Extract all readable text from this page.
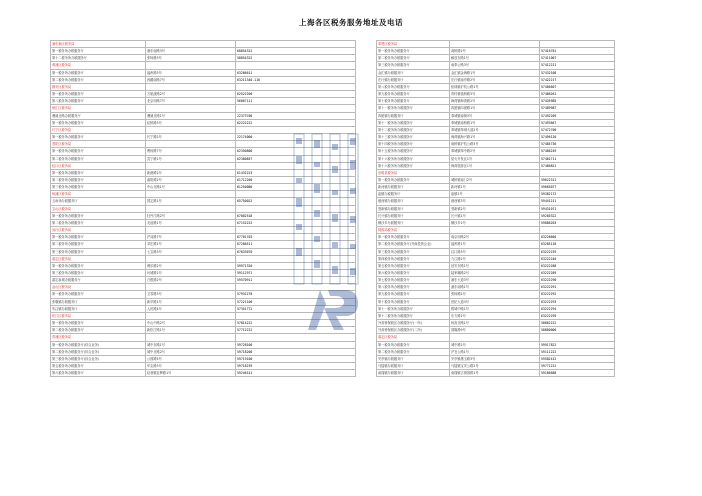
上海各区税务服务地址及电话
浦东新区税务局		
第一税务所办税服务厅	浦东南路3号	68854322
第十二税务所办税服务厅	张杨路3号	58854322
黄浦区税务局		
第一税务所办税服务厅	福州路3号	63286611
第二税务所办税服务厅	西藏南路7号	63211340-116
静安区税务局		
第一税务所办税服务厅	万航渡路2号	62522200
第八税务所办税服务厅	北京西路7号	56867111
徐汇区税务局		
漕溪北路办税服务厅	漕溪北路1号	22373700
第一税务所办税服务厅	虹桥路3号	62222222
长宁区税务局		
第一税务所办税服务厅	长宁路2号	22174000
普陀区税务局		
第一税务所办税服务厅	曹杨路7号	62350800
第二税务所办税服务厅	武宁路1号	62380857
虹口区税务局		
第一税务所办税服务厅	新港路2号	61432223
第二税务所办税服务厅	曲阳路2号	61712200
第三税务所办税服务厅	中山北路1号	61250080
杨浦区税务局		
五角场办税服务厅	国定路1号	65750022
宝山区税务局		
第一税务所办税服务厅	牡丹江路2号	67002518
第二税务所办税服务厅	友谊路1号	67152222
闵行区税务局		
第一税务所办税服务厅	沪闵路7号	67701703
第二税务所办税服务厅	莘庄路1号	67286511
第三税务所办税服务厅	七宝路3号	67633070
嘉定区税务局		
第一税务所办税服务厅	博乐路2号	59971320
第三税务所办税服务厅	叶城路1号	59112971
嘉定新城办税服务厅	白银路2号	59570911
金山区税务局		
第一税务所办税服务厅	卫零路3号	57932278
张堰镇办税服务厅	新华路1号	57221100
朱泾镇办税服务厅	人民路4号	57351772
松江区税务局		
第一税务所办税服务厅	中山中路2号	57814222
第二税务所办税服务厅	新松江路1号	57712222
青浦区税务局		
第一税务所办税服务厅(综合业务)	城中东路1号	59728100
第二税务所办税服务厅(综合业务)	城中北路2号	59718200
第三税务所办税服务厅(综合业务)	公园路5号	59719100
第五税务所办税服务厅	华志路3号	59718239
第六税务所办税服务厅	赵巷镇业辉路1号	59246141
奉贤区税务局		
第一税务所办税服务厅	南桥路2号	57416781
第二税务所办税服务厅	解放东路1号	57411007
第三税务所办税服务厅	南奉公路3号	57412221
金汇镇办税服务厅	金汇镇金海路1号	57432108
庄行镇办税服务厅	庄行镇南亭路2号	57422217
第八税务所办税服务厅	柘林镇沪杭公路1号	57466607
第九税务所办税服务厅	青村镇钱桥路3号	57486261
第十税务所办税服务厅	海湾镇海湾路2号	57435985
第十一税务所办税服务厅	四团镇四团路1号	57489987
四团镇办税服务厅	奉城镇南街3号	57492209
第十一税务所办税服务厅	奉城镇南桥路1号	57493667
第十二税务所办税服务厅	奉城镇奉城大道2号	57472700
第十三税务所办税服务厅	海湾镇海兴路1号	57496120
第十四税务所办税服务厅	南桥镇沪杭公路3号	57485730
第十五税务所办税服务厅	奉城镇奉中路2号	57486249
第十六税务所办税服务厅	星火开发区1号	57462711
第十六税务所办税服务厅	海湾旅游区1号	57486821
崇明县税务局		
第一税务所办税服务厅	城桥镇南门2号	59622311
新河镇办税服务厅	新河镇1号	59665077
庙镇办税服务厅	庙镇2号	59382172
港西镇办税服务厅	港西镇3号	59441211
竖新镇办税服务厅	竖新镇2号	59431071
长兴镇办税服务厅	长兴镇1号	59285322
横沙乡办税服务厅	横沙乡1号	59886203
财政局税务局		
第一税务所办税服务厅	南京西路2号	63228660
第二税务所办税服务厅(外商投资企业)	福州路1号	63285118
第三税务所办税服务厅	汉口路3号	63222239
第四税务所办税服务厅	九江路2号	63222240
第五税务所办税服务厅	延安东路1号	63222288
第六税务所办税服务厅	陆家嘴路2号	63222289
第七税务所办税服务厅	浦东大道3号	63222290
第八税务所办税服务厅	浦东南路1号	63222291
第九税务所办税服务厅	张杨路2号	63222292
第十税务所办税服务厅	世纪大道3号	63222293
第十一税务所办税服务厅	银城中路1号	63222294
第十二税务所办税服务厅	东方路2号	63222295
外高桥保税区办税服务厅(一所)	杨高北路1号	58862222
外高桥保税区办税服务厅(二所)	基隆路9号	58860000
嘉定区税务局		
第一税务所办税服务厅	城中路2号	59917822
第二税务所办税服务厅	沪宜公路1号	59111222
安亭镇办税服务厅	安亭镇墨玉路3号	59582412
马陆镇办税服务厅	马陆镇宝安公路2号	59771222
南翔镇办税服务厅	南翔镇古猗园路1号	59186688
